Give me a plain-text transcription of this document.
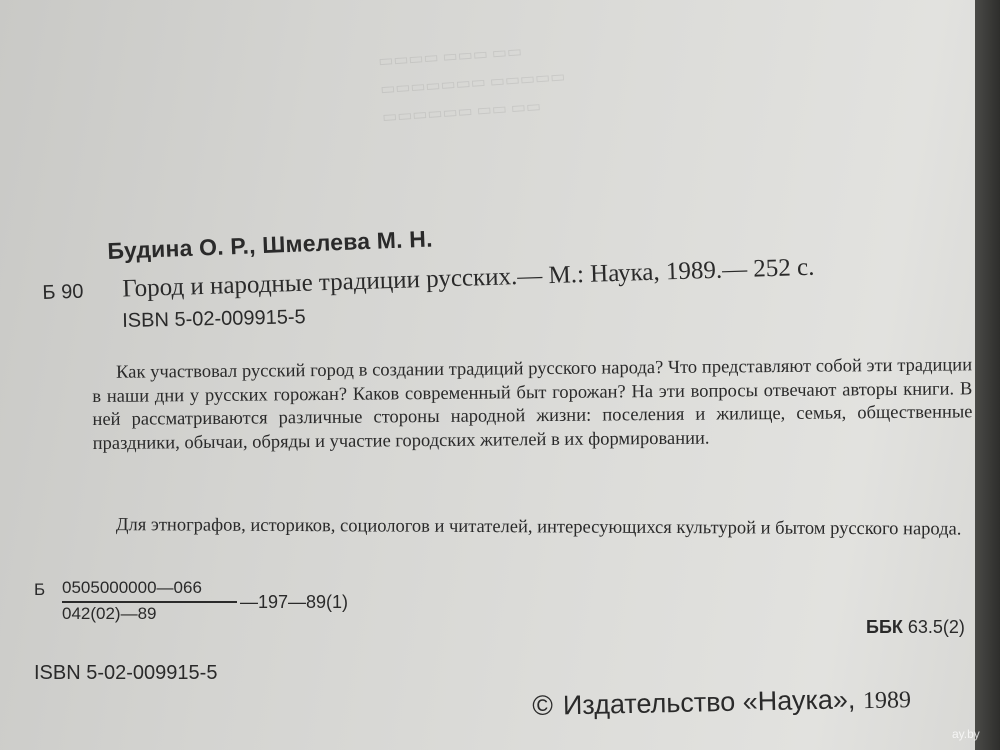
▭▭▭▭ ▭▭▭ ▭▭
▭▭▭▭▭▭▭ ▭▭▭▭▭
▭▭▭▭▭▭ ▭▭ ▭▭
Будина О. Р., Шмелева М. Н.
Б 90 Город и народные традиции русских.— М.: Наука, 1989.— 252 с.
ISBN 5-02-009915-5

Как участвовал русский город в создании традиций русского народа? Что представляют собой эти традиции в наши дни у русских горожан? Каков современный быт горожан? На эти вопросы отвечают авторы книги. В ней рассматриваются различные стороны народной жизни: поселения и жилище, семья, общественные праздники, обычаи, обряды и участие городских жителей в их формировании.

Для этнографов, историков, социологов и читателей, интересующихся культурой и бытом русского народа.

Б 0505000000—066
042(02)—89
—197—89(1)
ББК 63.5(2)
ISBN 5-02-009915-5
© Издательство «Наука», 1989
ay.by
